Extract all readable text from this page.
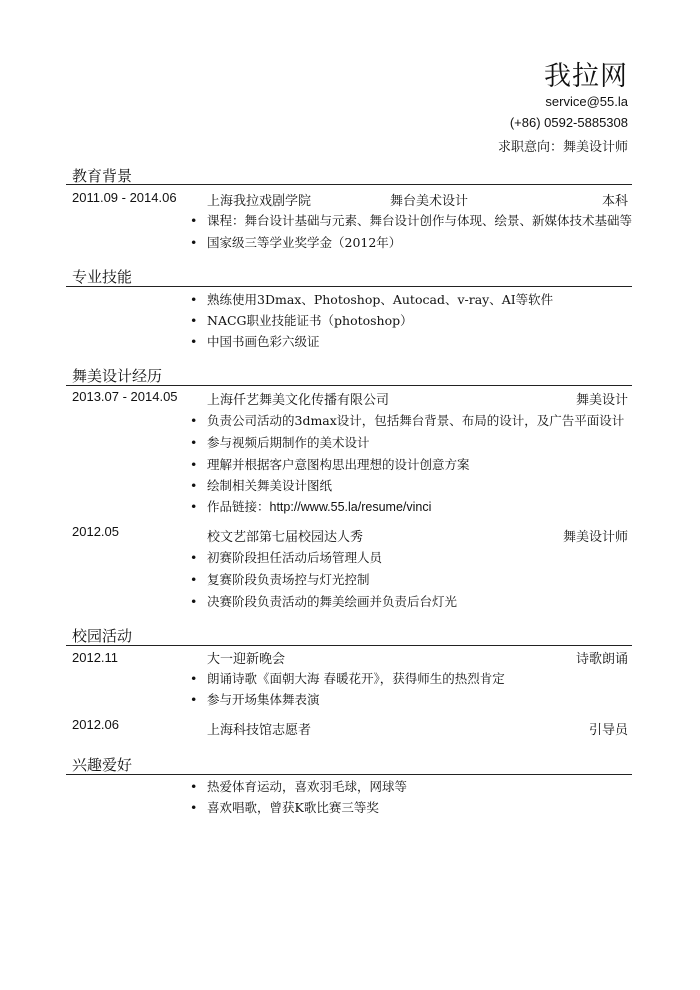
我拉网
service@55.la
(+86) 0592-5885308
求职意向：舞美设计师
教育背景
2011.09 - 2014.06 上海我拉戏剧学院	舞台美术设计	本科
• 课程：舞台设计基础与元素、舞台设计创作与体现、绘景、新媒体技术基础等
• 国家级三等学业奖学金（2012年）
专业技能
• 熟练使用3Dmax、Photoshop、Autocad、v-ray、AI等软件
• NACG职业技能证书（photoshop）
• 中国书画色彩六级证
舞美设计经历
2013.07 - 2014.05 上海仟艺舞美文化传播有限公司	舞美设计
• 负责公司活动的3dmax设计，包括舞台背景、布局的设计，及广告平面设计
• 参与视频后期制作的美术设计
• 理解并根据客户意图构思出理想的设计创意方案
• 绘制相关舞美设计图纸
• 作品链接：http://www.55.la/resume/vinci
2012.05	校文艺部第七届校园达人秀	舞美设计师
• 初赛阶段担任活动后场管理人员
• 复赛阶段负责场控与灯光控制
• 决赛阶段负责活动的舞美绘画并负责后台灯光
校园活动
2012.11	大一迎新晚会	诗歌朗诵
• 朗诵诗歌《面朝大海 春暖花开》，获得师生的热烈肯定
• 参与开场集体舞表演
2012.06	上海科技馆志愿者	引导员
兴趣爱好
• 热爱体育运动，喜欢羽毛球，网球等
• 喜欢唱歌，曾获K歌比赛三等奖
